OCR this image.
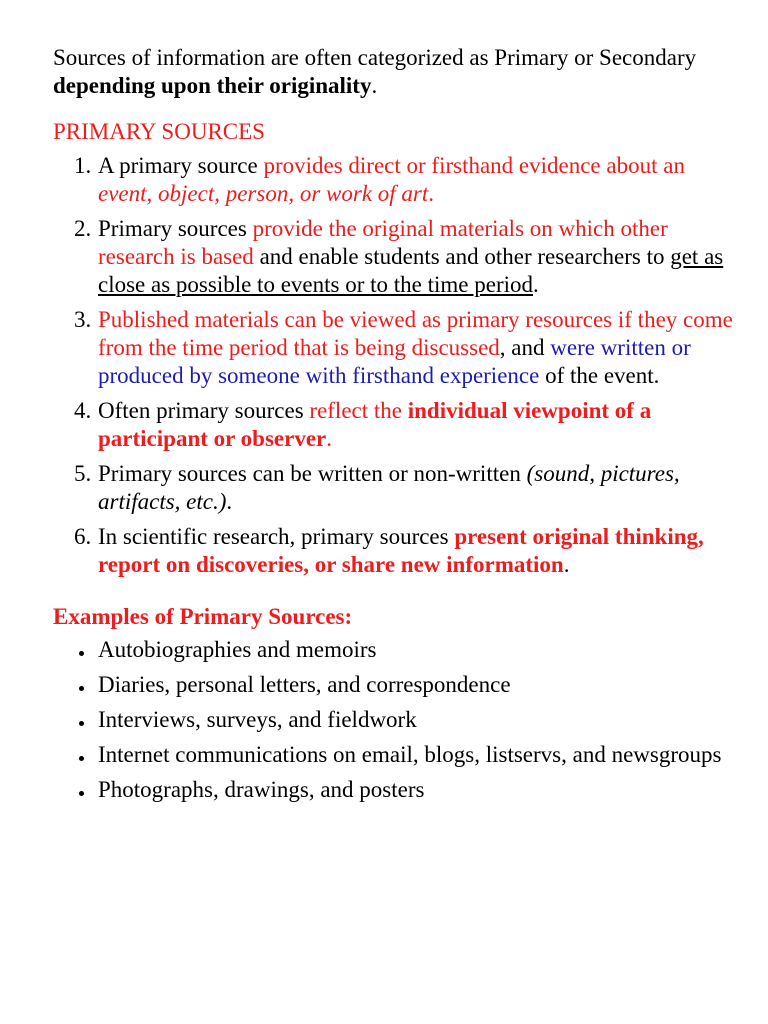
Sources of information are often categorized as Primary or Secondary depending upon their originality.

PRIMARY SOURCES

1. A primary source provides direct or firsthand evidence about an event, object, person, or work of art.
2. Primary sources provide the original materials on which other research is based and enable students and other researchers to get as close as possible to events or to the time period.
3. Published materials can be viewed as primary resources if they come from the time period that is being discussed, and were written or produced by someone with firsthand experience of the event.
4. Often primary sources reflect the individual viewpoint of a participant or observer.
5. Primary sources can be written or non-written (sound, pictures, artifacts, etc.).
6. In scientific research, primary sources present original thinking, report on discoveries, or share new information.

Examples of Primary Sources:

Autobiographies and memoirs
Diaries, personal letters, and correspondence
Interviews, surveys, and fieldwork
Internet communications on email, blogs, listservs, and newsgroups
Photographs, drawings, and posters
